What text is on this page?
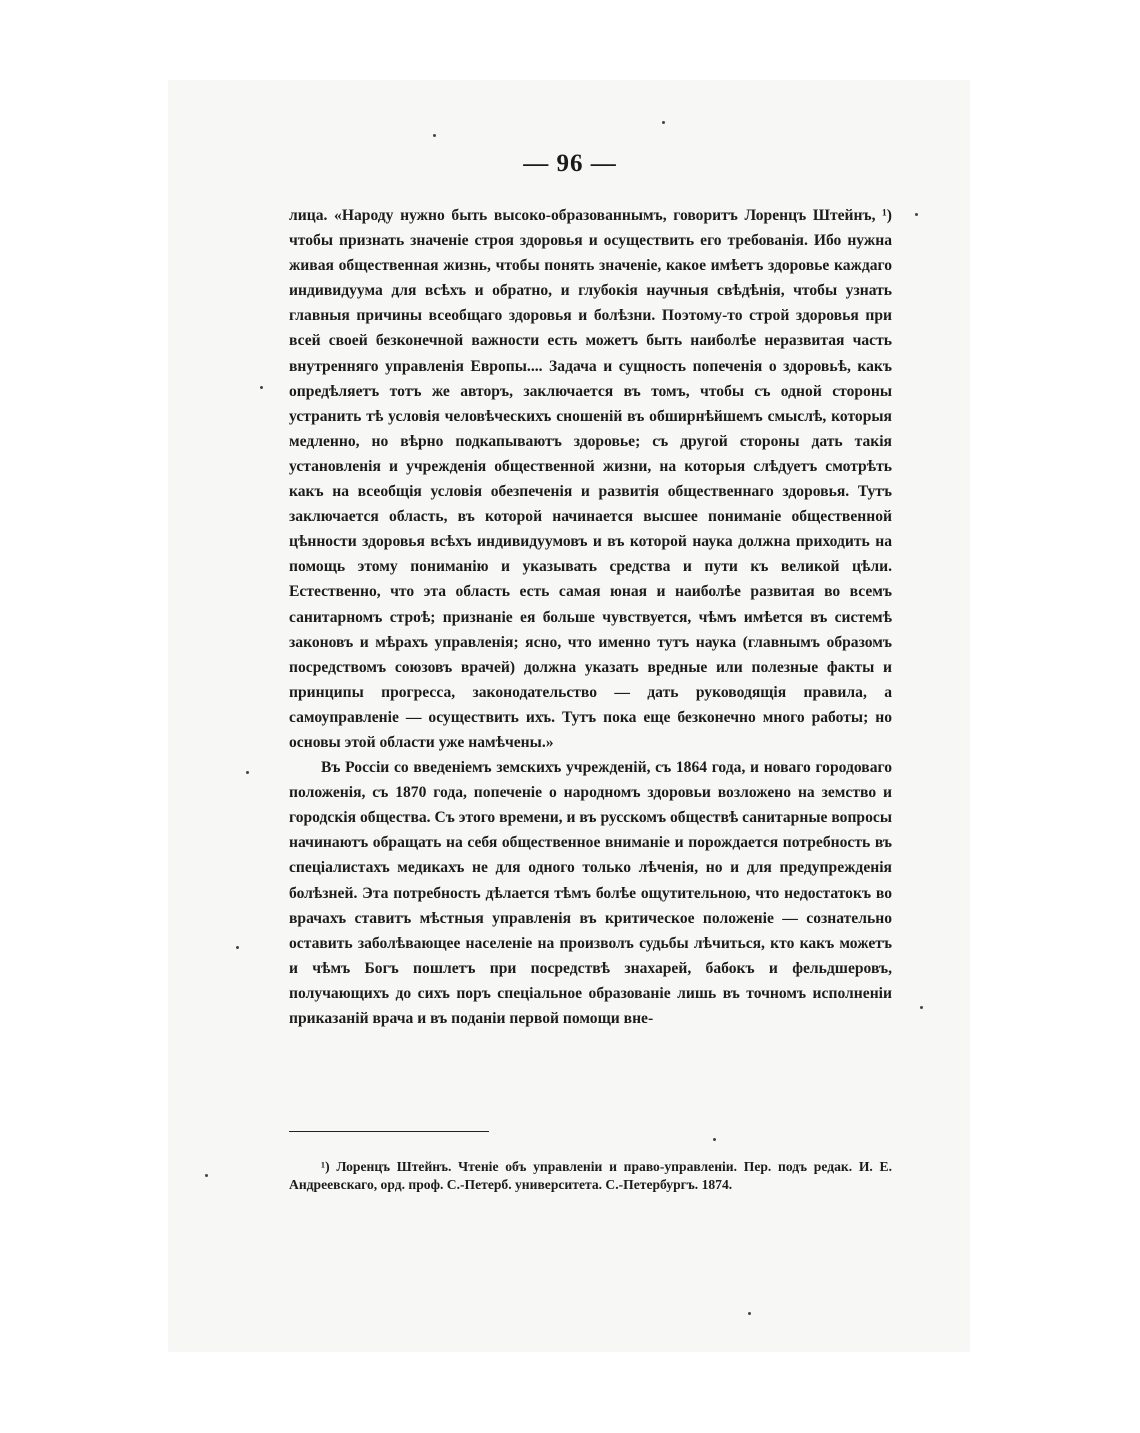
— 96 —

лица. «Народу нужно быть высоко-образованнымъ, говоритъ Лоренцъ Штейнъ, ¹) чтобы признать значенiе строя здоровья и осуществить его требованiя. Ибо нужна живая общественная жизнь, чтобы понять значенiе, какое имѣетъ здоровье каждаго индивидуума для всѣхъ и обратно, и глубокiя научныя свѣдѣнiя, чтобы узнать главныя причины всеобщаго здоровья и болѣзни. Поэтому-то строй здоровья при всей своей безконечной важности есть можетъ быть наиболѣе неразвитая часть внутренняго управленiя Европы.... Задача и сущность попеченiя о здоровьѣ, какъ опредѣляетъ тотъ же авторъ, заключается въ томъ, чтобы съ одной стороны устранить тѣ условiя человѣческихъ сношенiй въ обширнѣйшемъ смыслѣ, которыя медленно, но вѣрно подкапываютъ здоровье; съ другой стороны дать такiя установленiя и учрежденiя общественной жизни, на которыя слѣдуетъ смотрѣть какъ на всеобщiя условiя обезпеченiя и развитiя общественнаго здоровья. Тутъ заключается область, въ которой начинается высшее пониманiе общественной цѣнности здоровья всѣхъ индивидуумовъ и въ которой наука должна приходить на помощь этому пониманiю и указывать средства и пути къ великой цѣли. Естественно, что эта область есть самая юная и наиболѣе развитая во всемъ санитарномъ строѣ; признанiе ея больше чувствуется, чѣмъ имѣется въ системѣ законовъ и мѣрахъ управленiя; ясно, что именно тутъ наука (главнымъ образомъ посредствомъ союзовъ врачей) должна указать вредные или полезные факты и принципы прогресса, законодательство — дать руководящiя правила, а самоуправленiе — осуществить ихъ. Тутъ пока еще безконечно много работы; но основы этой области уже намѣчены.»

Въ Россiи со введенiемъ земскихъ учрежденiй, съ 1864 года, и новаго городоваго положенiя, съ 1870 года, попеченiе о народномъ здоровьи возложено на земство и городскiя общества. Съ этого времени, и въ русскомъ обществѣ санитарные вопросы начинаютъ обращать на себя общественное вниманiе и порождается потребность въ спецiалистахъ медикахъ не для одного только лѣченiя, но и для предупрежденiя болѣзней. Эта потребность дѣлается тѣмъ болѣе ощутительною, что недостатокъ во врачахъ ставитъ мѣстныя управленiя въ критическое положенiе — сознательно оставить заболѣвающее населенiе на произволъ судьбы лѣчиться, кто какъ можетъ и чѣмъ Богъ пошлетъ при посредствѣ знахарей, бабокъ и фельдшеровъ, получающихъ до сихъ поръ спецiальное образованiе лишь въ точномъ исполненiи приказанiй врача и въ поданiи первой помощи вне-

¹) Лоренцъ Штейнъ. Чтенiе объ управленiи и право-управленiи. Пер. подъ редак. И. Е. Андреевскаго, орд. проф. С.-Петерб. университета. С.-Петербургъ. 1874.
